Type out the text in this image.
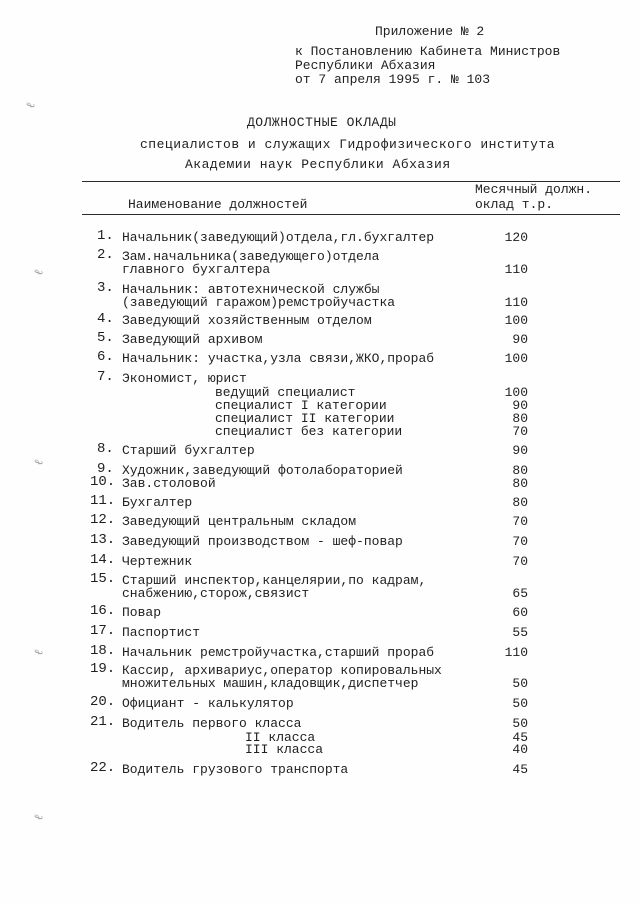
Приложение № 2
к Постановлению Кабинета Министров
Республики Абхазия
от 7 апреля 1995 г. № 103
ДОЛЖНОСТНЫЕ ОКЛАДЫ
специалистов и служащих Гидрофизического института
Академии наук Республики Абхазия
Наименование должностей
Месячный должн.
оклад т.р.
1. Начальник(заведующий)отдела,гл.бухгалтер	120
2. Зам.начальника(заведующего)отдела
главного бухгалтера	110
3. Начальник: автотехнической службы
(заведующий гаражом)ремстройучастка	110
4. Заведующий хозяйственным отделом	100
5. Заведующий архивом	90
6. Начальник: участка,узла связи,ЖКО,прораб	100
7. Экономист, юрист
ведущий специалист	100
специалист I категории	90
специалист II категории	80
специалист без категории	70
8. Старший бухгалтер	90
9. Художник,заведующий фотолабораторией	80
10. Зав.столовой	80
11. Бухгалтер	80
12. Заведующий центральным складом	70
13. Заведующий производством - шеф-повар	70
14. Чертежник	70
15. Старший инспектор,канцелярии,по кадрам,
снабжению,сторож,связист	65
16. Повар	60
17. Паспортист	55
18. Начальник ремстройучастка,старший прораб	110
19. Кассир, архивариус,оператор копировальных
множительных машин,кладовщик,диспетчер	50
20. Официант - калькулятор	50
21. Водитель первого класса	50
II класса	45
III класса	40
22. Водитель грузового транспорта	45
ℓ
ℓ
ℓ
ℓ
ℓ
